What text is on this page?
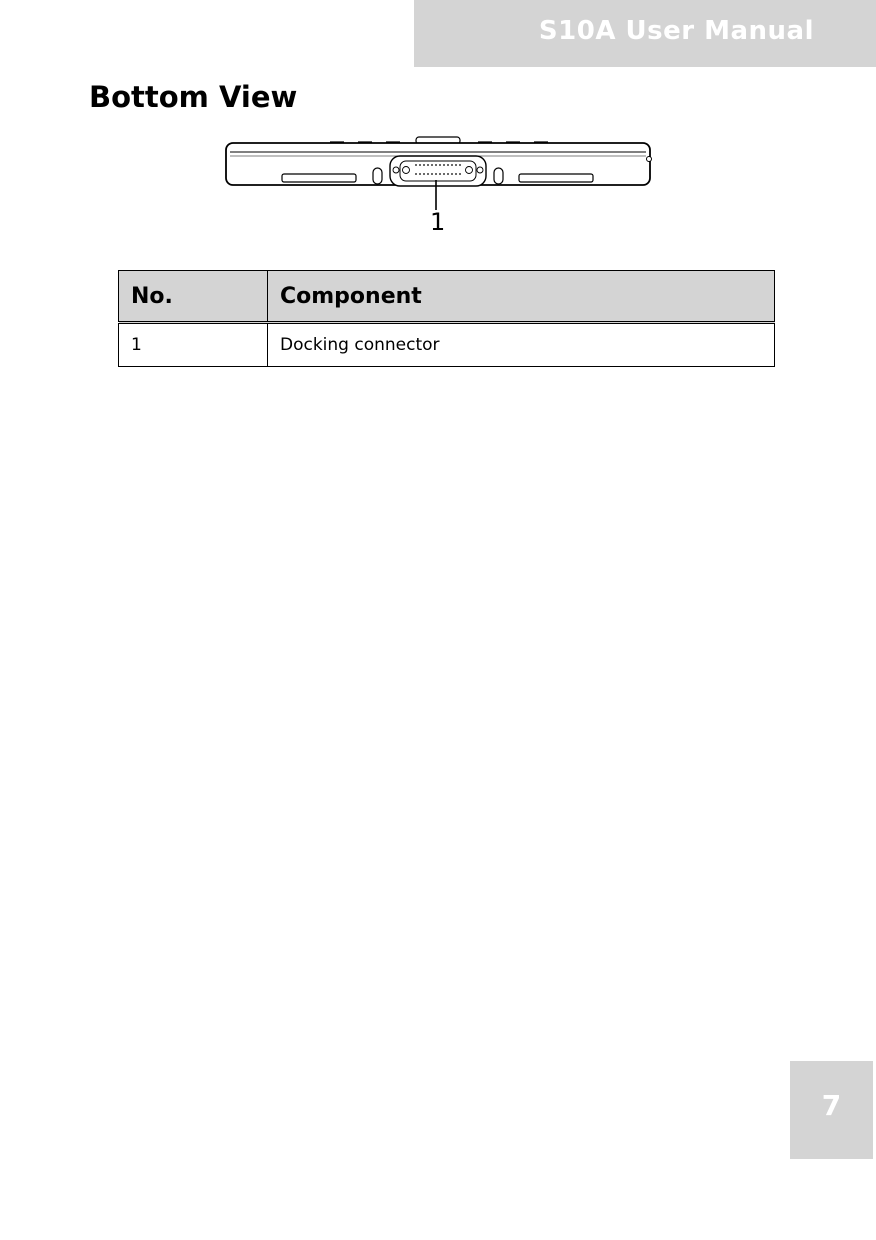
S10A User Manual
Bottom View
1
No.	Component
1	Docking connector
7
